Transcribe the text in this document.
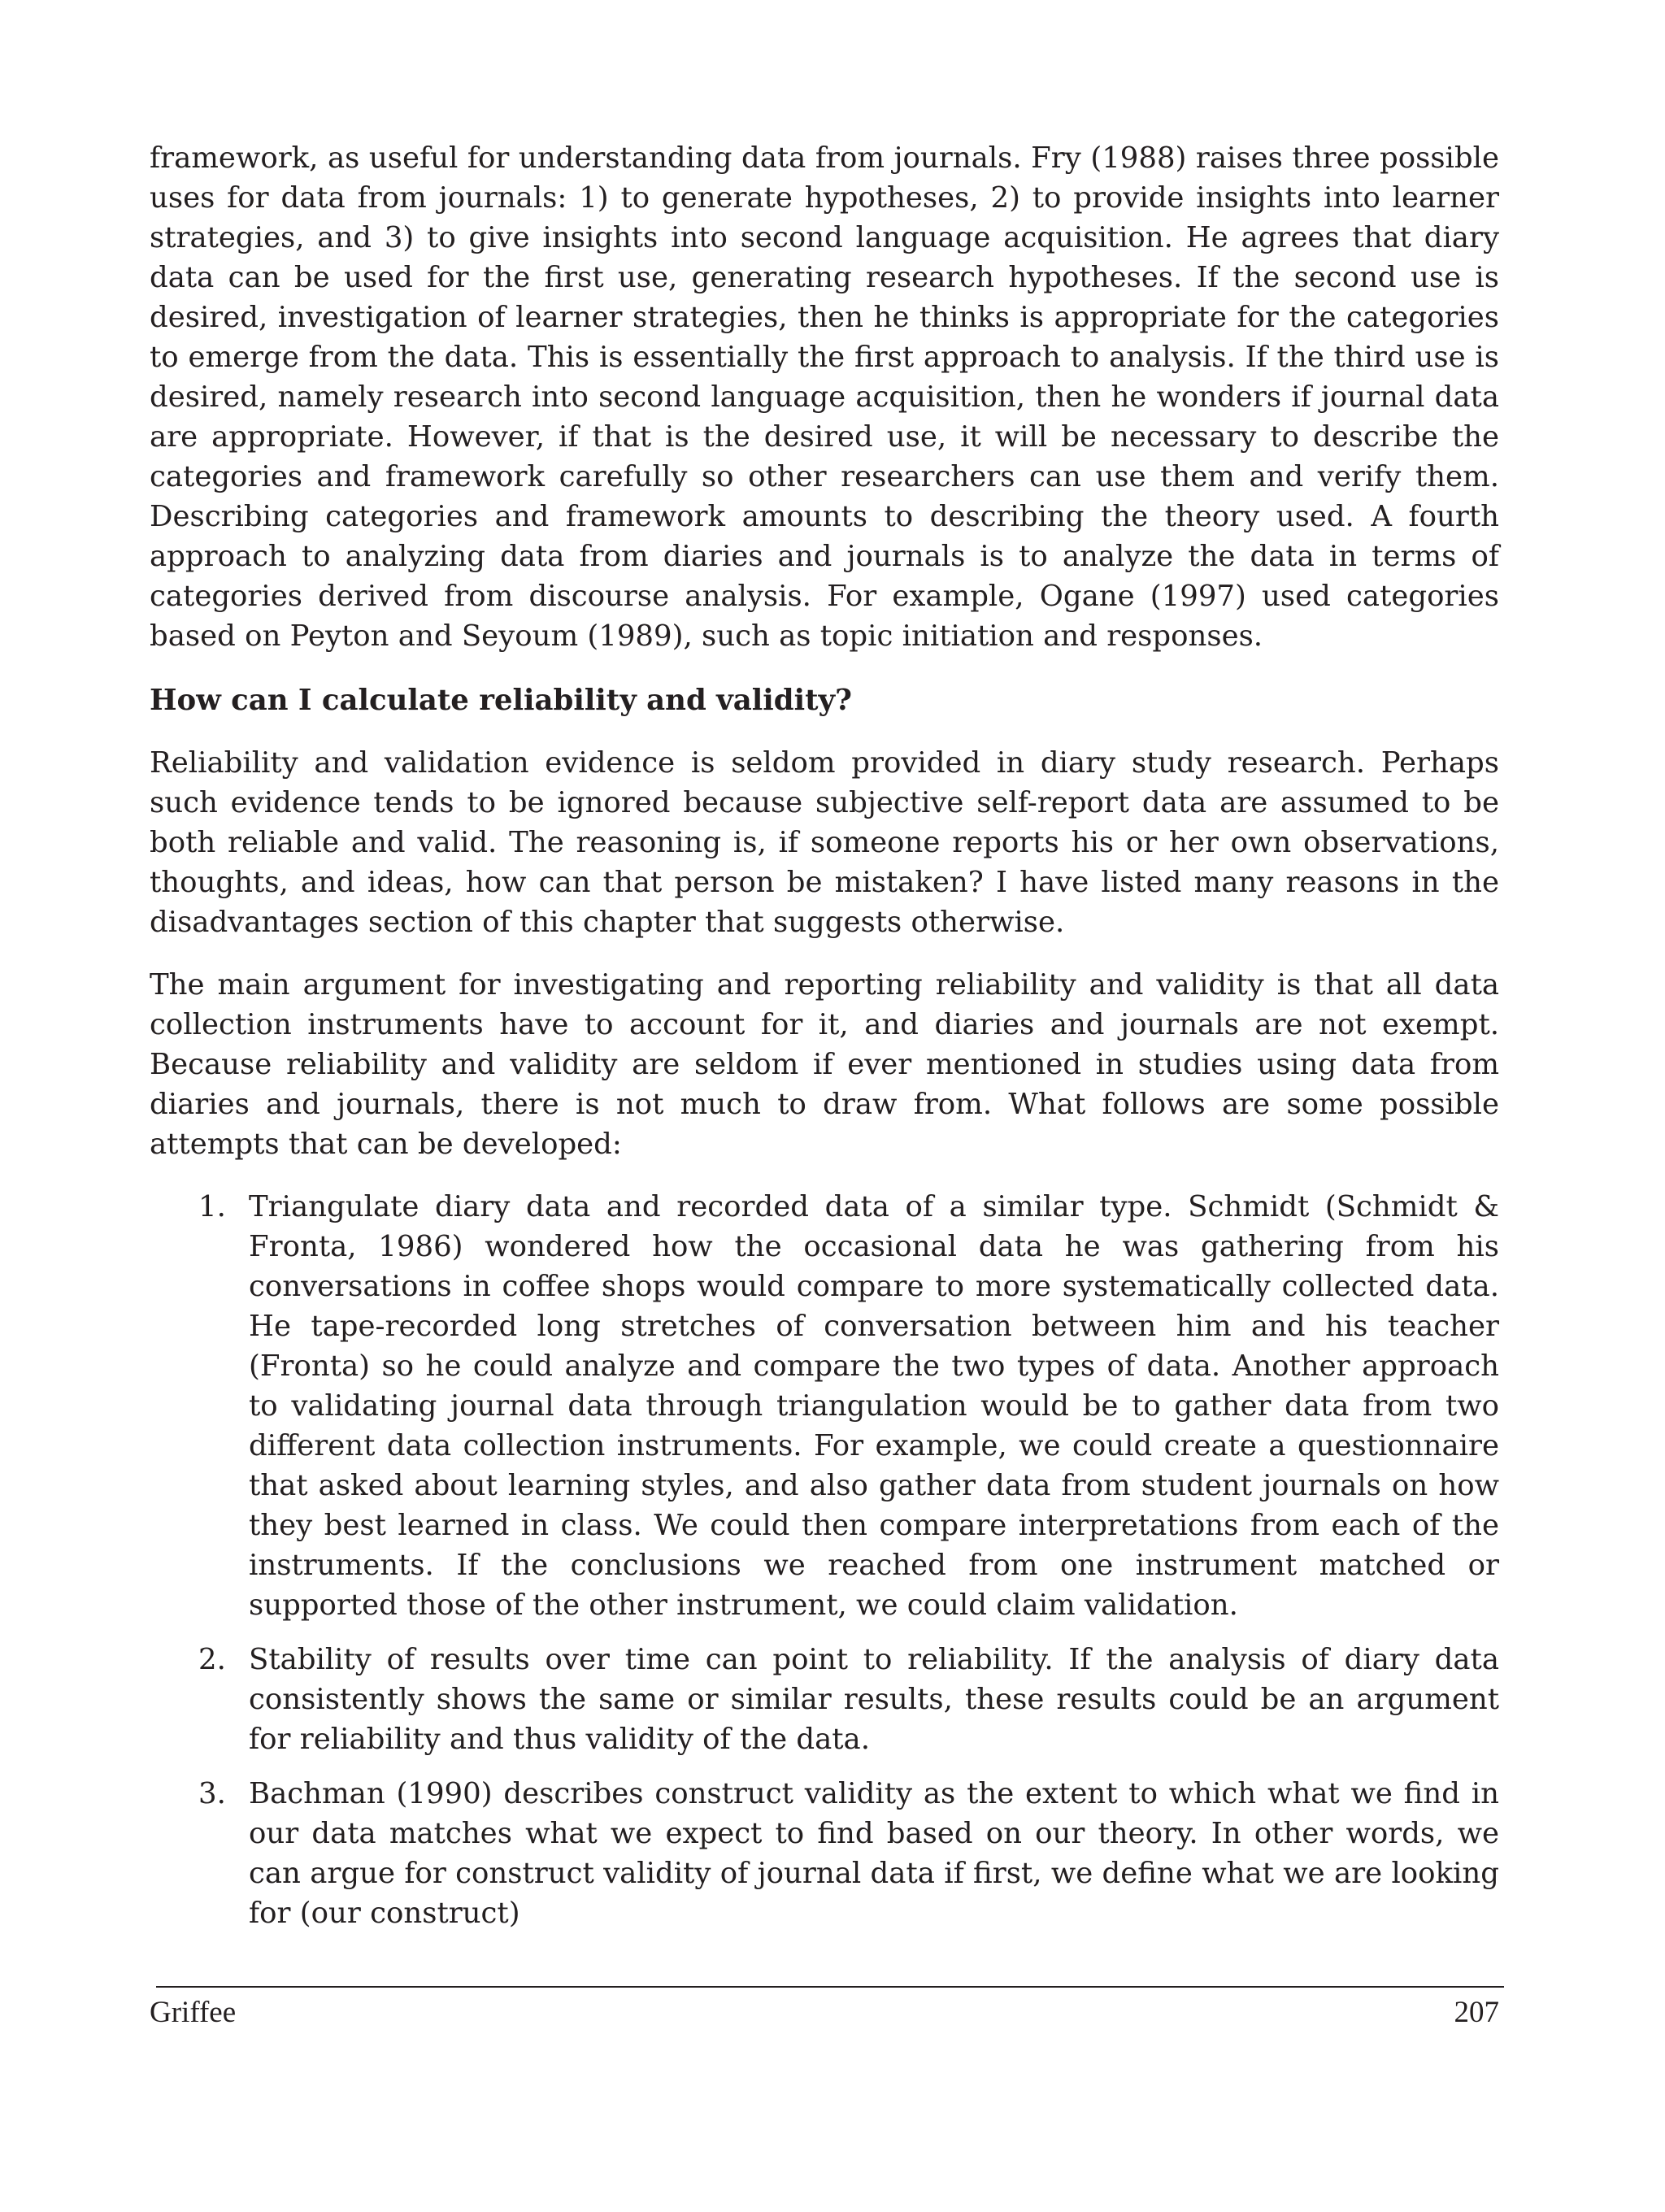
framework, as useful for understanding data from journals. Fry (1988) raises three possible uses for data from journals: 1) to generate hypotheses, 2) to provide insights into learner strategies, and 3) to give insights into second language acquisition. He agrees that diary data can be used for the first use, generating research hypotheses. If the second use is desired, investigation of learner strategies, then he thinks is appropriate for the categories to emerge from the data. This is essentially the first approach to analysis. If the third use is desired, namely research into second language acquisition, then he wonders if journal data are appropriate. However, if that is the desired use, it will be necessary to describe the categories and framework carefully so other researchers can use them and verify them. Describing categories and framework amounts to describing the theory used. A fourth approach to analyzing data from diaries and journals is to analyze the data in terms of categories derived from discourse analysis. For example, Ogane (1997) used categories based on Peyton and Seyoum (1989), such as topic initiation and responses.

How can I calculate reliability and validity?

Reliability and validation evidence is seldom provided in diary study research. Perhaps such evidence tends to be ignored because subjective self-report data are assumed to be both reliable and valid. The reasoning is, if someone reports his or her own observations, thoughts, and ideas, how can that person be mistaken? I have listed many reasons in the disadvantages section of this chapter that suggests otherwise.

The main argument for investigating and reporting reliability and validity is that all data collection instruments have to account for it, and diaries and journals are not exempt. Because reliability and validity are seldom if ever mentioned in studies using data from diaries and journals, there is not much to draw from. What follows are some possible attempts that can be developed:

1. Triangulate diary data and recorded data of a similar type. Schmidt (Schmidt & Fronta, 1986) wondered how the occasional data he was gathering from his conversations in coffee shops would compare to more systematically collected data. He tape-recorded long stretches of conversation between him and his teacher (Fronta) so he could analyze and compare the two types of data. Another approach to validating journal data through triangulation would be to gather data from two different data collection instruments. For example, we could create a questionnaire that asked about learning styles, and also gather data from student journals on how they best learned in class. We could then compare interpretations from each of the instruments. If the conclusions we reached from one instrument matched or supported those of the other instrument, we could claim validation.

2. Stability of results over time can point to reliability. If the analysis of diary data consistently shows the same or similar results, these results could be an argument for reliability and thus validity of the data.

3. Bachman (1990) describes construct validity as the extent to which what we find in our data matches what we expect to find based on our theory. In other words, we can argue for construct validity of journal data if first, we define what we are looking for (our construct)

Griffee	207
